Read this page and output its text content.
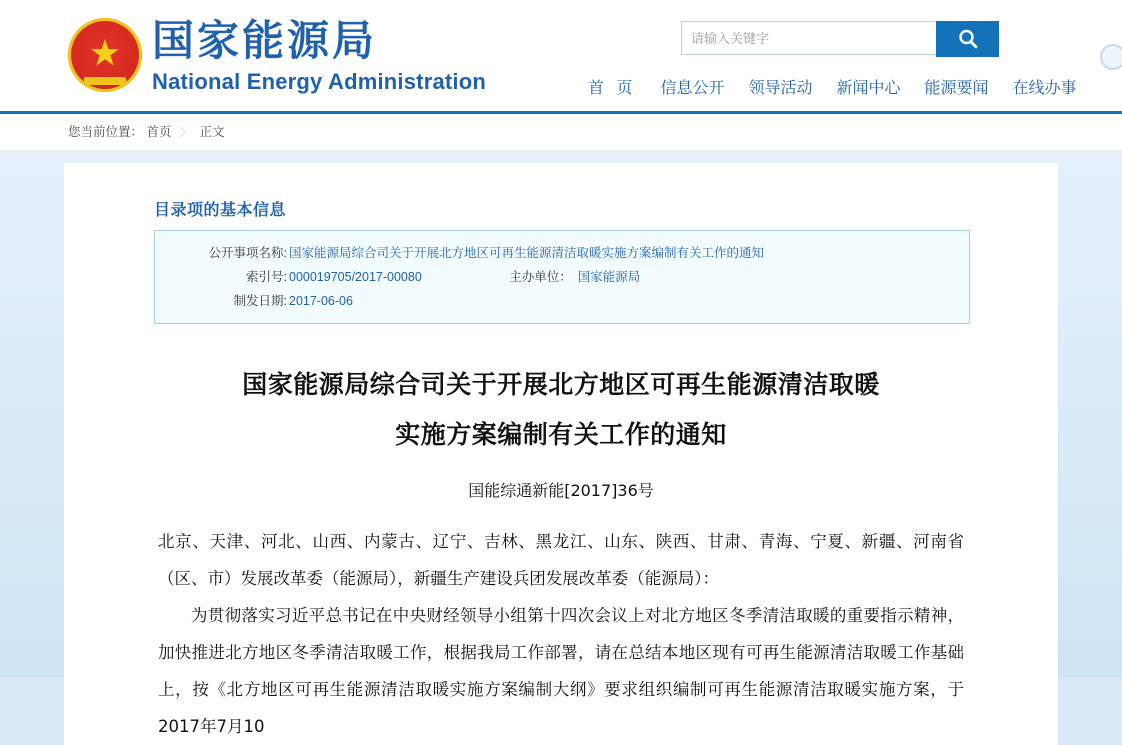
★ 国家能源局
National Energy Administration
请输入关键字	首 页 信息公开 领导活动 新闻中心 能源要闻 在线办事
您当前位置： 首页 〉 正文
目录项的基本信息
公开事项名称: 国家能源局综合司关于开展北方地区可再生能源清洁取暖实施方案编制有关工作的通知
索引号: 000019705/2017-00080	主办单位： 国家能源局
制发日期: 2017-06-06
国家能源局综合司关于开展北方地区可再生能源清洁取暖
实施方案编制有关工作的通知
国能综通新能[2017]36号

北京、天津、河北、山西、内蒙古、辽宁、吉林、黑龙江、山东、陕西、甘肃、青海、宁夏、新疆、河南省（区、市）发展改革委（能源局），新疆生产建设兵团发展改革委（能源局）：

为贯彻落实习近平总书记在中央财经领导小组第十四次会议上对北方地区冬季清洁取暖的重要指示精神，加快推进北方地区冬季清洁取暖工作，根据我局工作部署，请在总结本地区现有可再生能源清洁取暖工作基础上，按《北方地区可再生能源清洁取暖实施方案编制大纲》要求组织编制可再生能源清洁取暖实施方案，于2017年7月10
